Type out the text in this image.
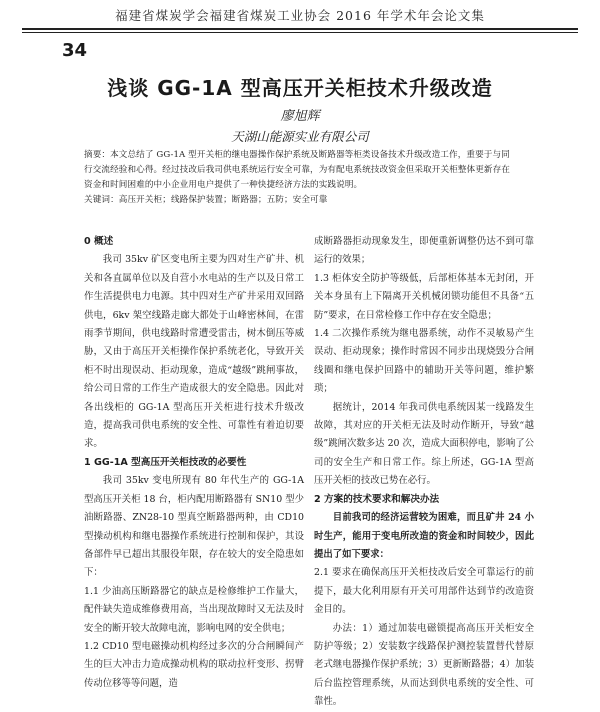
福建省煤炭学会福建省煤炭工业协会 2016 年学术年会论文集
34
浅谈 GG-1A 型高压开关柜技术升级改造
廖旭辉
天湖山能源实业有限公司
摘要：本文总结了 GG-1A 型开关柜的继电器操作保护系统及断路器等柜类设备技术升级改造工作，重要于与同行交流经验和心得。经过技改后我司供电系统运行安全可靠，为有配电系统技改资金但采取开关柜整体更新存在资金和时间困难的中小企业用电户提供了一种快捷经济方法的实践说明。
关键词：高压开关柜；线路保护装置；断路器；五防；安全可靠
0 概述

我司 35kv 矿区变电所主要为四对生产矿井、机关和各直属单位以及自营小水电站的生产以及日常工作生活提供电力电源。其中四对生产矿井采用双回路供电，6kv 架空线路走廊大都处于山峰密林间，在雷雨季节期间，供电线路时常遭受雷击，树木倒压等威胁，又由于高压开关柜操作保护系统老化，导致开关柜不时出现误动、拒动现象，造成“越级”跳闸事故，给公司日常的工作生产造成很大的安全隐患。因此对各出线柜的 GG-1A 型高压开关柜进行技术升级改造，提高我司供电系统的安全性、可靠性有着迫切要求。

1 GG-1A 型高压开关柜技改的必要性

我司 35kv 变电所现有 80 年代生产的 GG-1A 型高压开关柜 18 台，柜内配用断路器有 SN10 型少油断路器、ZN28-10 型真空断路器两种，由 CD10 型操动机构和继电器操作系统进行控制和保护，其设备部件早已超出其服役年限，存在较大的安全隐患如下：

1.1 少油高压断路器它的缺点是检修维护工作量大，配件缺失造成维修费用高，当出现故障时又无法及时安全的断开较大故障电流，影响电网的安全供电；

1.2 CD10 型电磁操动机构经过多次的分合闸瞬间产生的巨大冲击力造成操动机构的联动拉杆变形、拐臂传动位移等等问题，造

成断路器拒动现象发生，即便重新调整仍达不到可靠运行的效果；

1.3 柜体安全防护等级低，后部柜体基本无封闭，开关本身虽有上下隔离开关机械闭锁功能但不具备“五防”要求，在日常检修工作中存在安全隐患；

1.4 二次操作系统为继电器系统，动作不灵敏易产生误动、拒动现象；操作时常因不同步出现烧毁分合闸线圈和继电保护回路中的辅助开关等问题，维护繁琐；

据统计，2014 年我司供电系统因某一线路发生故障，其对应的开关柜无法及时动作断开，导致“越级”跳闸次数多达 20 次，造成大面积停电，影响了公司的安全生产和日常工作。综上所述，GG-1A 型高压开关柜的技改已势在必行。

2 方案的技术要求和解决办法

目前我司的经济运营较为困难，而且矿井 24 小时生产，能用于变电所改造的资金和时间较少，因此提出了如下要求：

2.1 要求在确保高压开关柜技改后安全可靠运行的前提下，最大化利用原有开关可用部件达到节约改造资金目的。

办法：1）通过加装电磁锁提高高压开关柜安全防护等级；2）安装数字线路保护测控装置替代替原老式继电器操作保护系统；3）更新断路器；4）加装后台监控管理系统，从而达到供电系统的安全性、可靠性。
